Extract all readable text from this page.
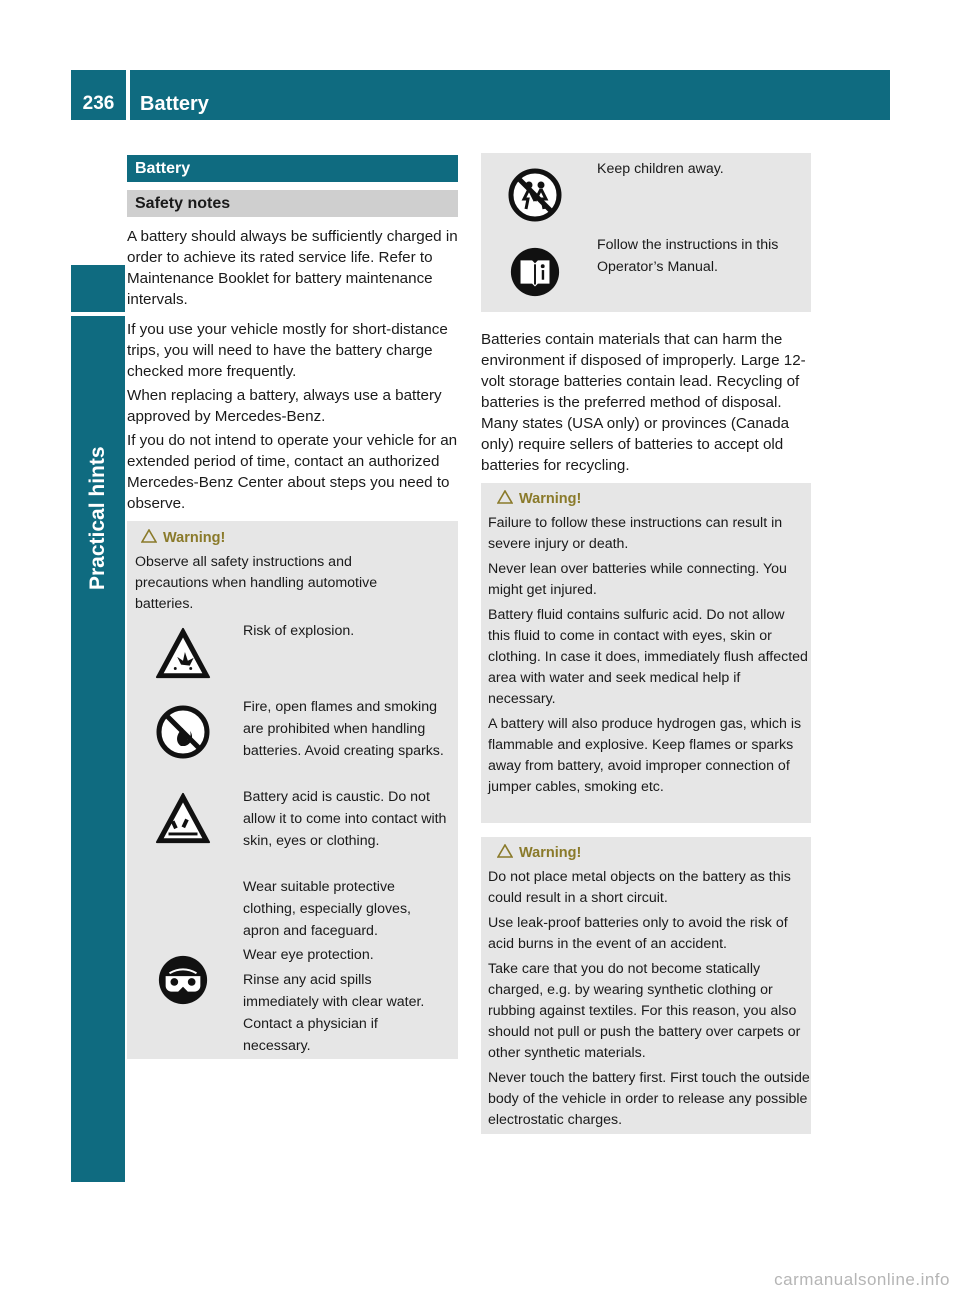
236	Battery
Practical hints
Battery
Safety notes

A battery should always be sufficiently charged in order to achieve its rated service life. Refer to Maintenance Booklet for battery maintenance intervals.

If you use your vehicle mostly for short-distance trips, you will need to have the battery charge checked more frequently.

When replacing a battery, always use a battery approved by Mercedes-Benz.

If you do not intend to operate your vehicle for an extended period of time, contact an authorized Mercedes-Benz Center about steps you need to observe.

Warning!

Observe all safety instructions and precautions when handling automotive batteries.

Risk of explosion.
Fire, open flames and smoking are prohibited when handling batteries. Avoid creating sparks.
Battery acid is caustic. Do not allow it to come into contact with skin, eyes or clothing.
Wear suitable protective clothing, especially gloves, apron and faceguard.
Wear eye protection.
Rinse any acid spills immediately with clear water. Contact a physician if necessary.
Keep children away.
Follow the instructions in this Operator’s Manual.

Batteries contain materials that can harm the environment if disposed of improperly. Large 12-volt storage batteries contain lead. Recycling of batteries is the preferred method of disposal. Many states (USA only) or provinces (Canada only) require sellers of batteries to accept old batteries for recycling.

Warning!

Failure to follow these instructions can result in severe injury or death.

Never lean over batteries while connecting. You might get injured.

Battery fluid contains sulfuric acid. Do not allow this fluid to come in contact with eyes, skin or clothing. In case it does, immediately flush affected area with water and seek medical help if necessary.

A battery will also produce hydrogen gas, which is flammable and explosive. Keep flames or sparks away from battery, avoid improper connection of jumper cables, smoking etc.

Warning!

Do not place metal objects on the battery as this could result in a short circuit.

Use leak-proof batteries only to avoid the risk of acid burns in the event of an accident.

Take care that you do not become statically charged, e.g. by wearing synthetic clothing or rubbing against textiles. For this reason, you also should not pull or push the battery over carpets or other synthetic materials.

Never touch the battery first. First touch the outside body of the vehicle in order to release any possible electrostatic charges.

carmanualsonline.info
